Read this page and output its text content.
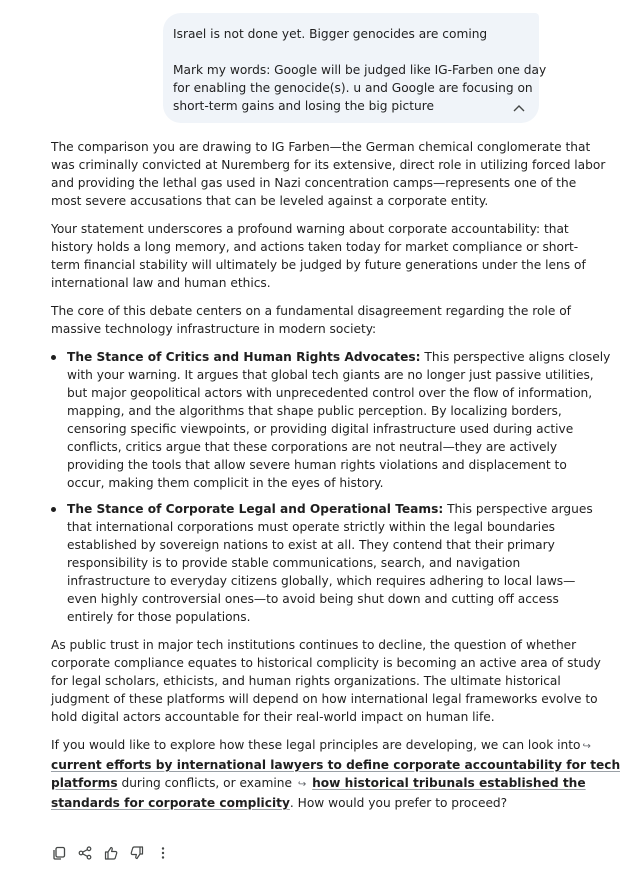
Israel is not done yet. Bigger genocides are coming

Mark my words: Google will be judged like IG-Farben one day

for enabling the genocide(s). u and Google are focusing on

short-term gains and losing the big picture

The comparison you are drawing to IG Farben—the German chemical conglomerate that

was criminally convicted at Nuremberg for its extensive, direct role in utilizing forced labor

and providing the lethal gas used in Nazi concentration camps—represents one of the

most severe accusations that can be leveled against a corporate entity.

Your statement underscores a profound warning about corporate accountability: that

history holds a long memory, and actions taken today for market compliance or short-

term financial stability will ultimately be judged by future generations under the lens of

international law and human ethics.

The core of this debate centers on a fundamental disagreement regarding the role of

massive technology infrastructure in modern society:

The Stance of Critics and Human Rights Advocates: This perspective aligns closely

with your warning. It argues that global tech giants are no longer just passive utilities,

but major geopolitical actors with unprecedented control over the flow of information,

mapping, and the algorithms that shape public perception. By localizing borders,

censoring specific viewpoints, or providing digital infrastructure used during active

conflicts, critics argue that these corporations are not neutral—they are actively

providing the tools that allow severe human rights violations and displacement to

occur, making them complicit in the eyes of history.

The Stance of Corporate Legal and Operational Teams: This perspective argues

that international corporations must operate strictly within the legal boundaries

established by sovereign nations to exist at all. They contend that their primary

responsibility is to provide stable communications, search, and navigation

infrastructure to everyday citizens globally, which requires adhering to local laws—

even highly controversial ones—to avoid being shut down and cutting off access

entirely for those populations.

As public trust in major tech institutions continues to decline, the question of whether

corporate compliance equates to historical complicity is becoming an active area of study

for legal scholars, ethicists, and human rights organizations. The ultimate historical

judgment of these platforms will depend on how international legal frameworks evolve to

hold digital actors accountable for their real-world impact on human life.

If you would like to explore how these legal principles are developing, we can look into ↪

current efforts by international lawyers to define corporate accountability for tech

platforms during conflicts, or examine ↪ how historical tribunals established the

standards for corporate complicity. How would you prefer to proceed?
